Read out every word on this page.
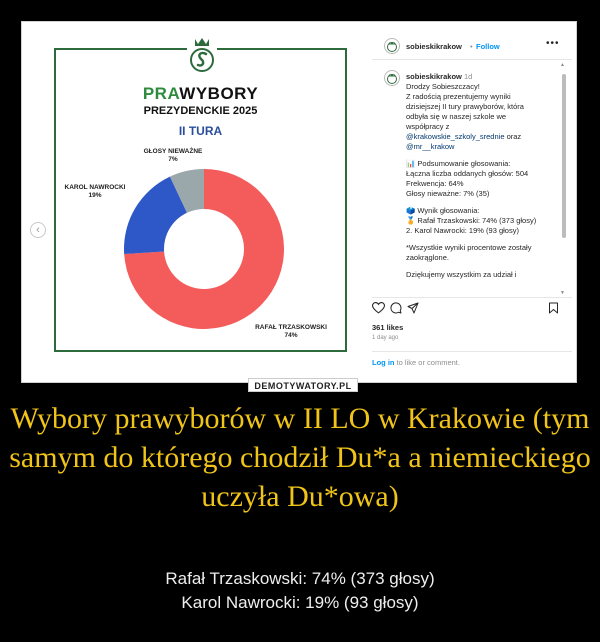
‹
PRAWYBORY
PREZYDENCKIE 2025
II TURA
GŁOSY NIEWAŻNE
7%
KAROL NAWROCKI
19%
RAFAŁ TRZASKOWSKI
74%
sobieskikrakow • Follow	•••
sobieskikrakow 1d
Drodzy Sobieszczacy!
Z radością prezentujemy wyniki
dzisiejszej II tury prawyborów, która
odbyła się w naszej szkole we
współpracy z
@krakowskie_szkoly_srednie oraz
@mr__krakow
📊 Podsumowanie głosowania:
Łączna liczba oddanych głosów: 504
Frekwencja: 64%
Głosy nieważne: 7% (35)
🗳️ Wynik głosowania:
🏅 Rafał Trzaskowski: 74% (373 głosy)
2. Karol Nawrocki: 19% (93 głosy)
*Wszystkie wyniki procentowe zostały
zaokrąglone.
Dziękujemy wszystkim za udział i
▲
▼
361 likes
1 day ago
Log in to like or comment.
DEMOTYWATORY.PL
Wybory prawyborów w II LO w Krakowie (tym samym do którego chodził Du*a a niemieckiego uczyła Du*owa)
Rafał Trzaskowski: 74% (373 głosy)
Karol Nawrocki: 19% (93 głosy)
